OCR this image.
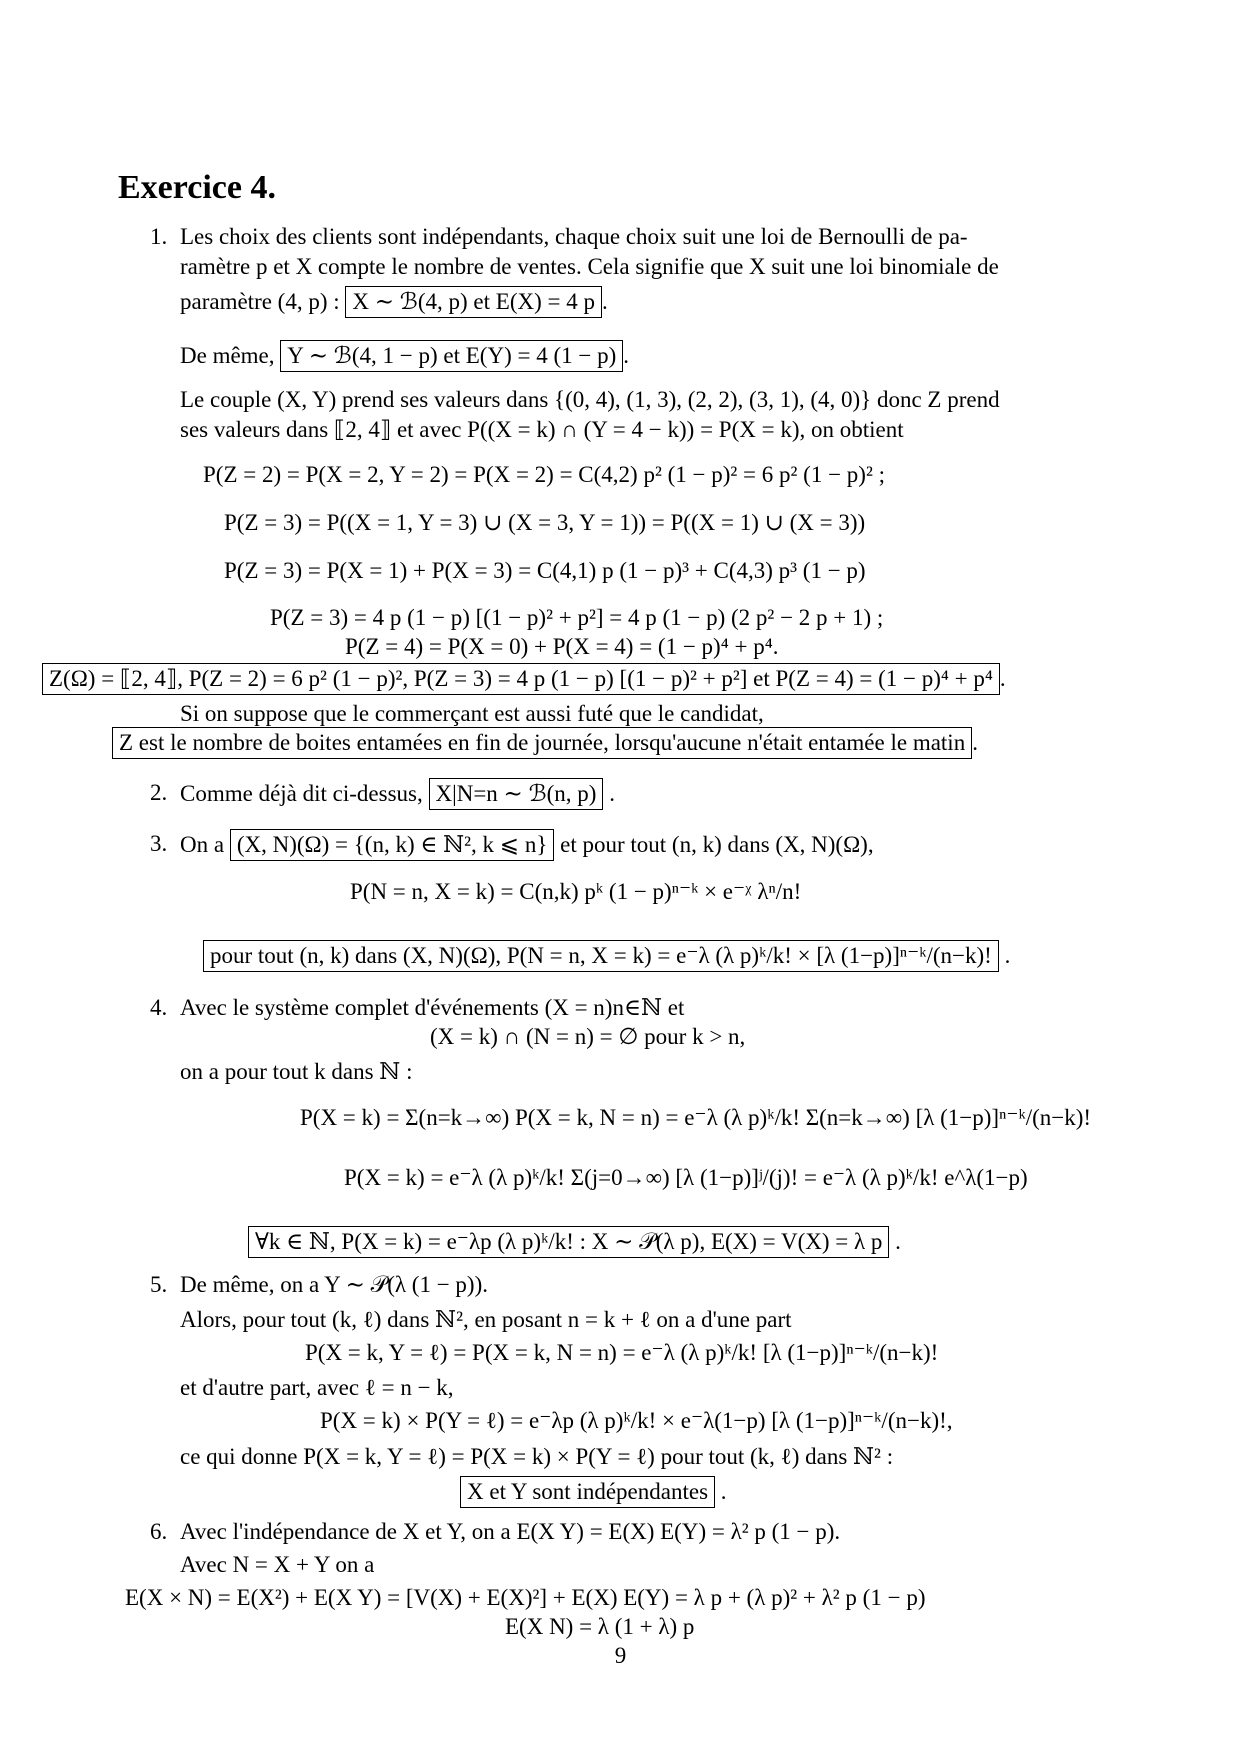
Exercice 4.
1. Les choix des clients sont indépendants, chaque choix suit une loi de Bernoulli de pa-
ramètre p et X compte le nombre de ventes. Cela signifie que X suit une loi binomiale de
paramètre (4, p) : X ∼ ℬ(4, p) et E(X) = 4 p .
De même, Y ∼ ℬ(4, 1 − p) et E(Y) = 4 (1 − p) .
Le couple (X, Y) prend ses valeurs dans {(0, 4), (1, 3), (2, 2), (3, 1), (4, 0)} donc Z prend
ses valeurs dans ⟦2, 4⟧ et avec P((X = k) ∩ (Y = 4 − k)) = P(X = k), on obtient
P(Z = 2) = P(X = 2, Y = 2) = P(X = 2) = C(4,2) p² (1 − p)² = 6 p² (1 − p)² ;
P(Z = 3) = P((X = 1, Y = 3) ∪ (X = 3, Y = 1)) = P((X = 1) ∪ (X = 3))
P(Z = 3) = P(X = 1) + P(X = 3) = C(4,1) p (1 − p)³ + C(4,3) p³ (1 − p)
P(Z = 3) = 4 p (1 − p) [(1 − p)² + p²] = 4 p (1 − p) (2 p² − 2 p + 1) ;
P(Z = 4) = P(X = 0) + P(X = 4) = (1 − p)⁴ + p⁴.
Z(Ω) = ⟦2, 4⟧, P(Z = 2) = 6 p² (1 − p)², P(Z = 3) = 4 p (1 − p) [(1 − p)² + p²] et P(Z = 4) = (1 − p)⁴ + p⁴ .
Si on suppose que le commerçant est aussi futé que le candidat,
Z est le nombre de boites entamées en fin de journée, lorsqu'aucune n'était entamée le matin .
2. Comme déjà dit ci-dessus, X|N=n ∼ ℬ(n, p) .
3. On a (X, N)(Ω) = {(n, k) ∈ ℕ², k ⩽ n} et pour tout (n, k) dans (X, N)(Ω),
P(N = n, X = k) = C(n,k) pᵏ (1 − p)ⁿ⁻ᵏ × e⁻ᵡ λⁿ/n!
pour tout (n, k) dans (X, N)(Ω), P(N = n, X = k) = e⁻λ (λ p)ᵏ/k! × [λ (1−p)]ⁿ⁻ᵏ/(n−k)! .
4. Avec le système complet d'événements (X = n)n∈ℕ et
(X = k) ∩ (N = n) = ∅ pour k > n,
on a pour tout k dans ℕ :
P(X = k) = Σ(n=k→∞) P(X = k, N = n) = e⁻λ (λ p)ᵏ/k! Σ(n=k→∞) [λ (1−p)]ⁿ⁻ᵏ/(n−k)!
P(X = k) = e⁻λ (λ p)ᵏ/k! Σ(j=0→∞) [λ (1−p)]ʲ/(j)! = e⁻λ (λ p)ᵏ/k! e^λ(1−p)
∀k ∈ ℕ, P(X = k) = e⁻λp (λ p)ᵏ/k! : X ∼ 𝒫(λ p), E(X) = V(X) = λ p .
5. De même, on a Y ∼ 𝒫(λ (1 − p)).
Alors, pour tout (k, ℓ) dans ℕ², en posant n = k + ℓ on a d'une part
P(X = k, Y = ℓ) = P(X = k, N = n) = e⁻λ (λ p)ᵏ/k! [λ (1−p)]ⁿ⁻ᵏ/(n−k)!
et d'autre part, avec ℓ = n − k,
P(X = k) × P(Y = ℓ) = e⁻λp (λ p)ᵏ/k! × e⁻λ(1−p) [λ (1−p)]ⁿ⁻ᵏ/(n−k)!,
ce qui donne P(X = k, Y = ℓ) = P(X = k) × P(Y = ℓ) pour tout (k, ℓ) dans ℕ² :
X et Y sont indépendantes .
6. Avec l'indépendance de X et Y, on a E(X Y) = E(X) E(Y) = λ² p (1 − p).
Avec N = X + Y on a
E(X × N) = E(X²) + E(X Y) = [V(X) + E(X)²] + E(X) E(Y) = λ p + (λ p)² + λ² p (1 − p)
E(X N) = λ (1 + λ) p
9
